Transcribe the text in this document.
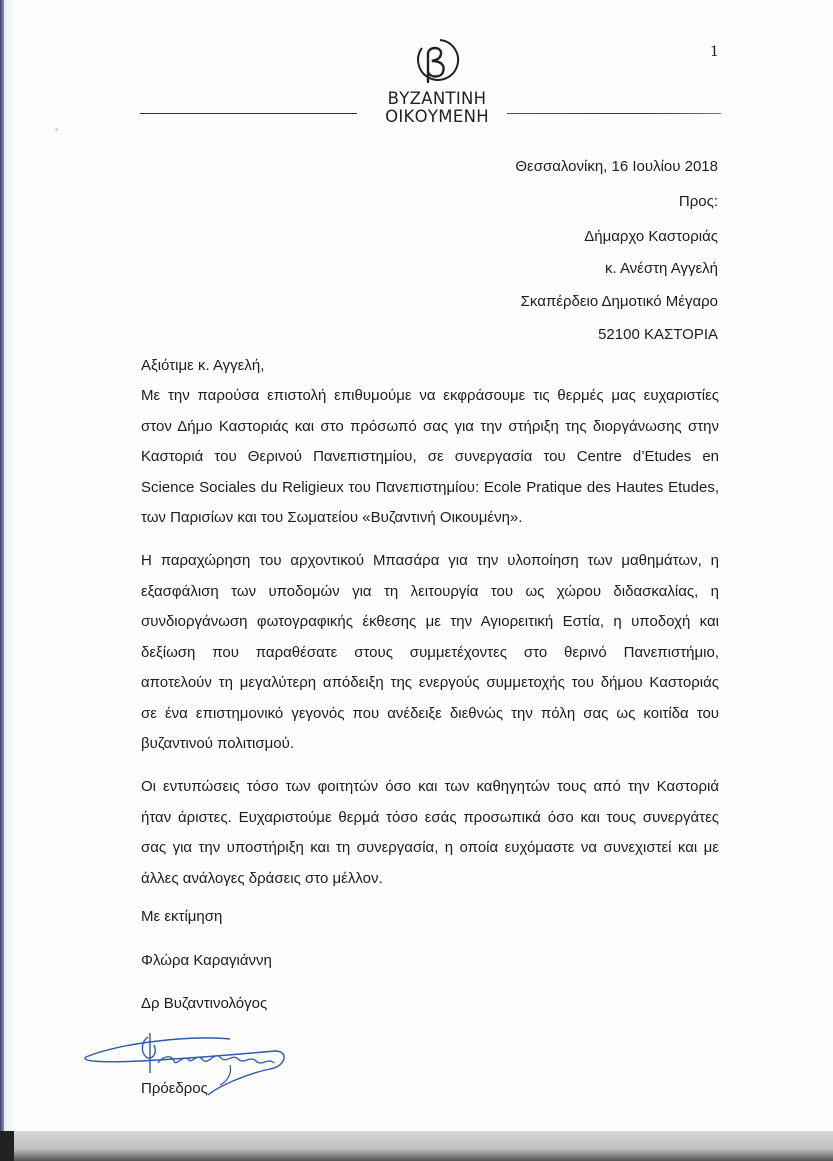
1
ΒΥΖΑΝΤΙΝΗ
ΟΙΚΟΥΜΕΝΗ
Θεσσαλονίκη, 16 Ιουλίου 2018
Προς:
Δήμαρχο Καστοριάς
κ. Ανέστη Αγγελή
Σκαπέρδειο Δημοτικό Μέγαρο
52100 ΚΑΣΤΟΡΙΑ
Αξιότιμε κ. Αγγελή,
Με την παρούσα επιστολή επιθυμούμε να εκφράσουμε τις θερμές μας ευχαριστίες
στον Δήμο Καστοριάς και στο πρόσωπό σας για την στήριξη της διοργάνωσης στην
Καστοριά του Θερινού Πανεπιστημίου, σε συνεργασία του Centre d’Etudes en
Science Sociales du Religieux του Πανεπιστημίου: Ecole Pratique des Hautes Etudes,
των Παρισίων και του Σωματείου «Βυζαντινή Οικουμένη».
Η παραχώρηση του αρχοντικού Μπασάρα για την υλοποίηση των μαθημάτων, η
εξασφάλιση των υποδομών για τη λειτουργία του ως χώρου διδασκαλίας, η
συνδιοργάνωση φωτογραφικής έκθεσης με την Αγιορειτική Εστία, η υποδοχή και
δεξίωση που παραθέσατε στους συμμετέχοντες στο θερινό Πανεπιστήμιο,
αποτελούν τη μεγαλύτερη απόδειξη της ενεργούς συμμετοχής του δήμου Καστοριάς
σε ένα επιστημονικό γεγονός που ανέδειξε διεθνώς την πόλη σας ως κοιτίδα του
βυζαντινού πολιτισμού.
Οι εντυπώσεις τόσο των φοιτητών όσο και των καθηγητών τους από την Καστοριά
ήταν άριστες. Ευχαριστούμε θερμά τόσο εσάς προσωπικά όσο και τους συνεργάτες
σας για την υποστήριξη και τη συνεργασία, η οποία ευχόμαστε να συνεχιστεί και με
άλλες ανάλογες δράσεις στο μέλλον.
Με εκτίμηση
Φλώρα Καραγιάννη
Δρ Βυζαντινολόγος
Πρόεδρος
